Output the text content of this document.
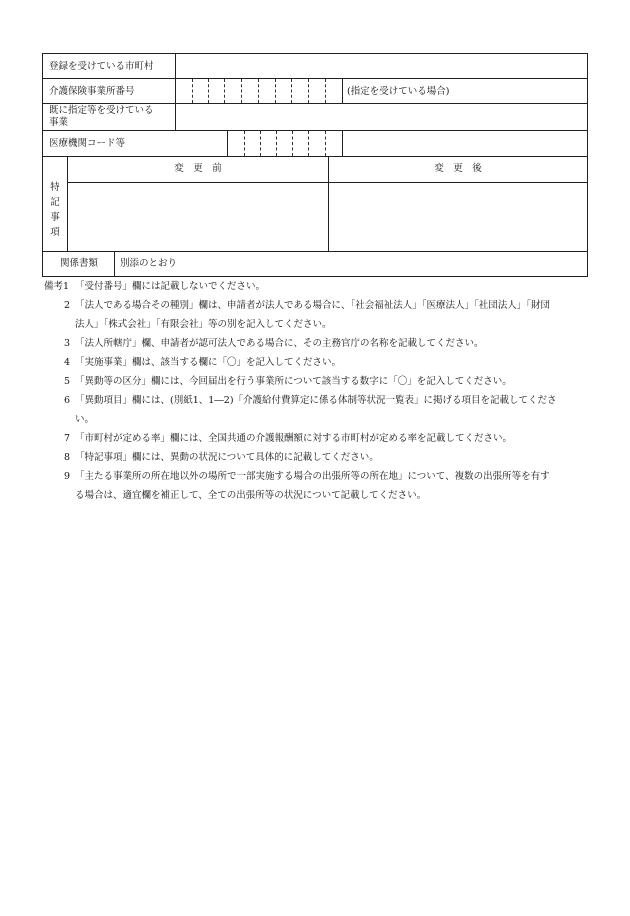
登録を受けている市町村
介護保険事業所番号	(指定を受けている場合)
既に指定等を受けている
事業
医療機関コード等
特
記
事
項
変　更　前	変　更　後
関係書類 別添のとおり
備考1 「受付番号」欄には記載しないでください。
2 「法人である場合その種別」欄は、申請者が法人である場合に、「社会福祉法人」「医療法人」「社団法人」「財団
法人」「株式会社」「有限会社」等の別を記入してください。
3 「法人所轄庁」欄、申請者が認可法人である場合に、その主務官庁の名称を記載してください。
4 「実施事業」欄は、該当する欄に「〇」を記入してください。
5 「異動等の区分」欄には、今回届出を行う事業所について該当する数字に「〇」を記入してください。
6 「異動項目」欄には、(別紙1、1―2)「介護給付費算定に係る体制等状況一覧表」に掲げる項目を記載してくださ
い。
7 「市町村が定める率」欄には、全国共通の介護報酬額に対する市町村が定める率を記載してください。
8 「特記事項」欄には、異動の状況について具体的に記載してください。
9 「主たる事業所の所在地以外の場所で一部実施する場合の出張所等の所在地」について、複数の出張所等を有す
る場合は、適宜欄を補正して、全ての出張所等の状況について記載してください。
